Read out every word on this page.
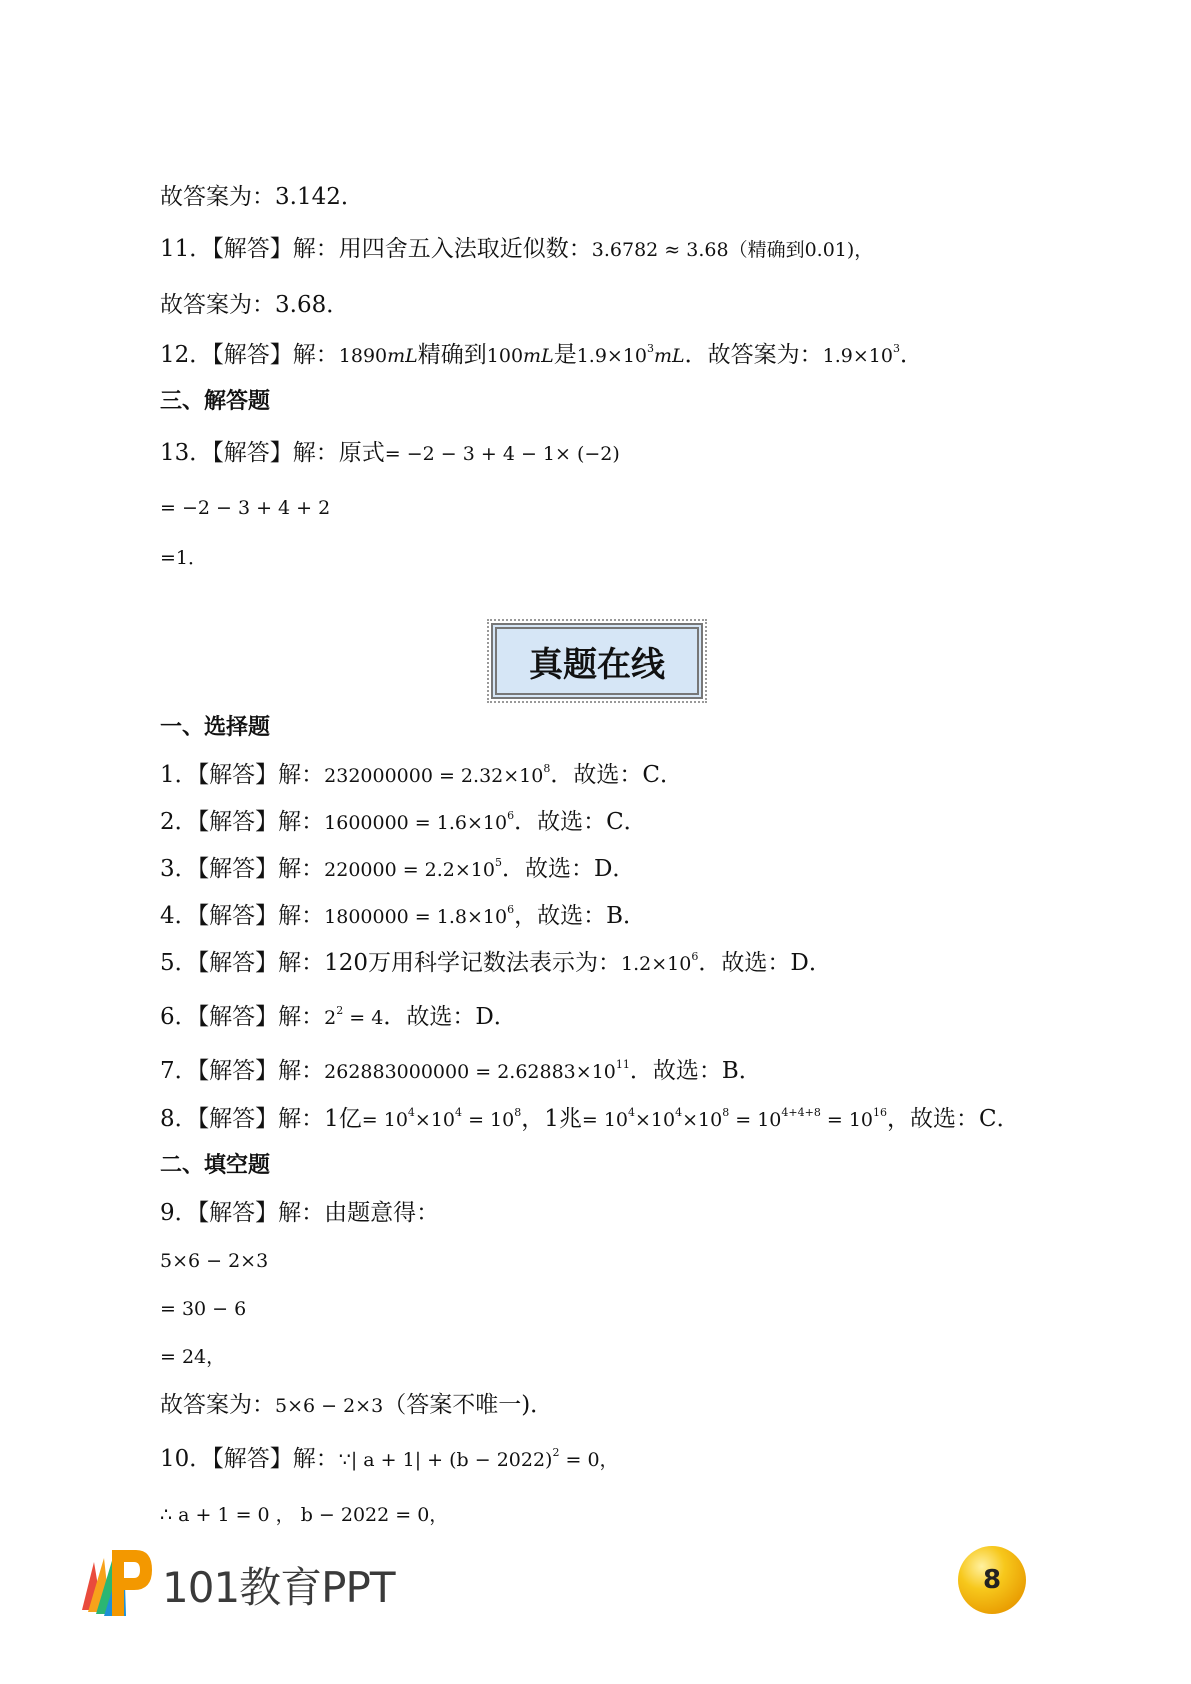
故答案为：3.142．
11．【解答】解：用四舍五入法取近似数：3.6782 ≈ 3.68（精确到0.01)，
故答案为：3.68．
12．【解答】解：1890mL精确到100mL是$1.9\times 10^3mL$．故答案为：$1.9\times 10^3$．
三、解答题
13．【解答】解：原式= −2 − 3 + 4 − 1× (−2)
= −2 − 3 + 4 + 2
=1．
真题在线
一、选择题
1．【解答】解：$232000000 = 2.32\times 10^8$．故选：C．
2．【解答】解：$1600000 = 1.6\times 10^6$．故选：C．
3．【解答】解：$220000 = 2.2\times 10^5$．故选：D．
4．【解答】解：$1800000 = 1.8\times 10^6$，故选：B．
5．【解答】解：120万用科学记数法表示为：$1.2\times 10^6$．故选：D．
6．【解答】解：$2^2 = 4$．故选：D．
7．【解答】解：$262883000000 = 2.62883\times 10^{11}$．故选：B．
8．【解答】解：1亿= $10^4\times 10^4 = 10^8$，1兆= $10^4\times 10^4\times 10^8 = 10^{4+4+8} = 10^{16}$，故选：C．
二、填空题
9．【解答】解：由题意得：
5×6 − 2×3
= 30 − 6
= 24，
故答案为：5×6 − 2×3（答案不唯一)．
10．【解答】解：∵| $a + 1| + (b - 2022)^2 = 0$，
∴ a + 1 = 0 ， b − 2022 = 0，
101教育PPT	8
